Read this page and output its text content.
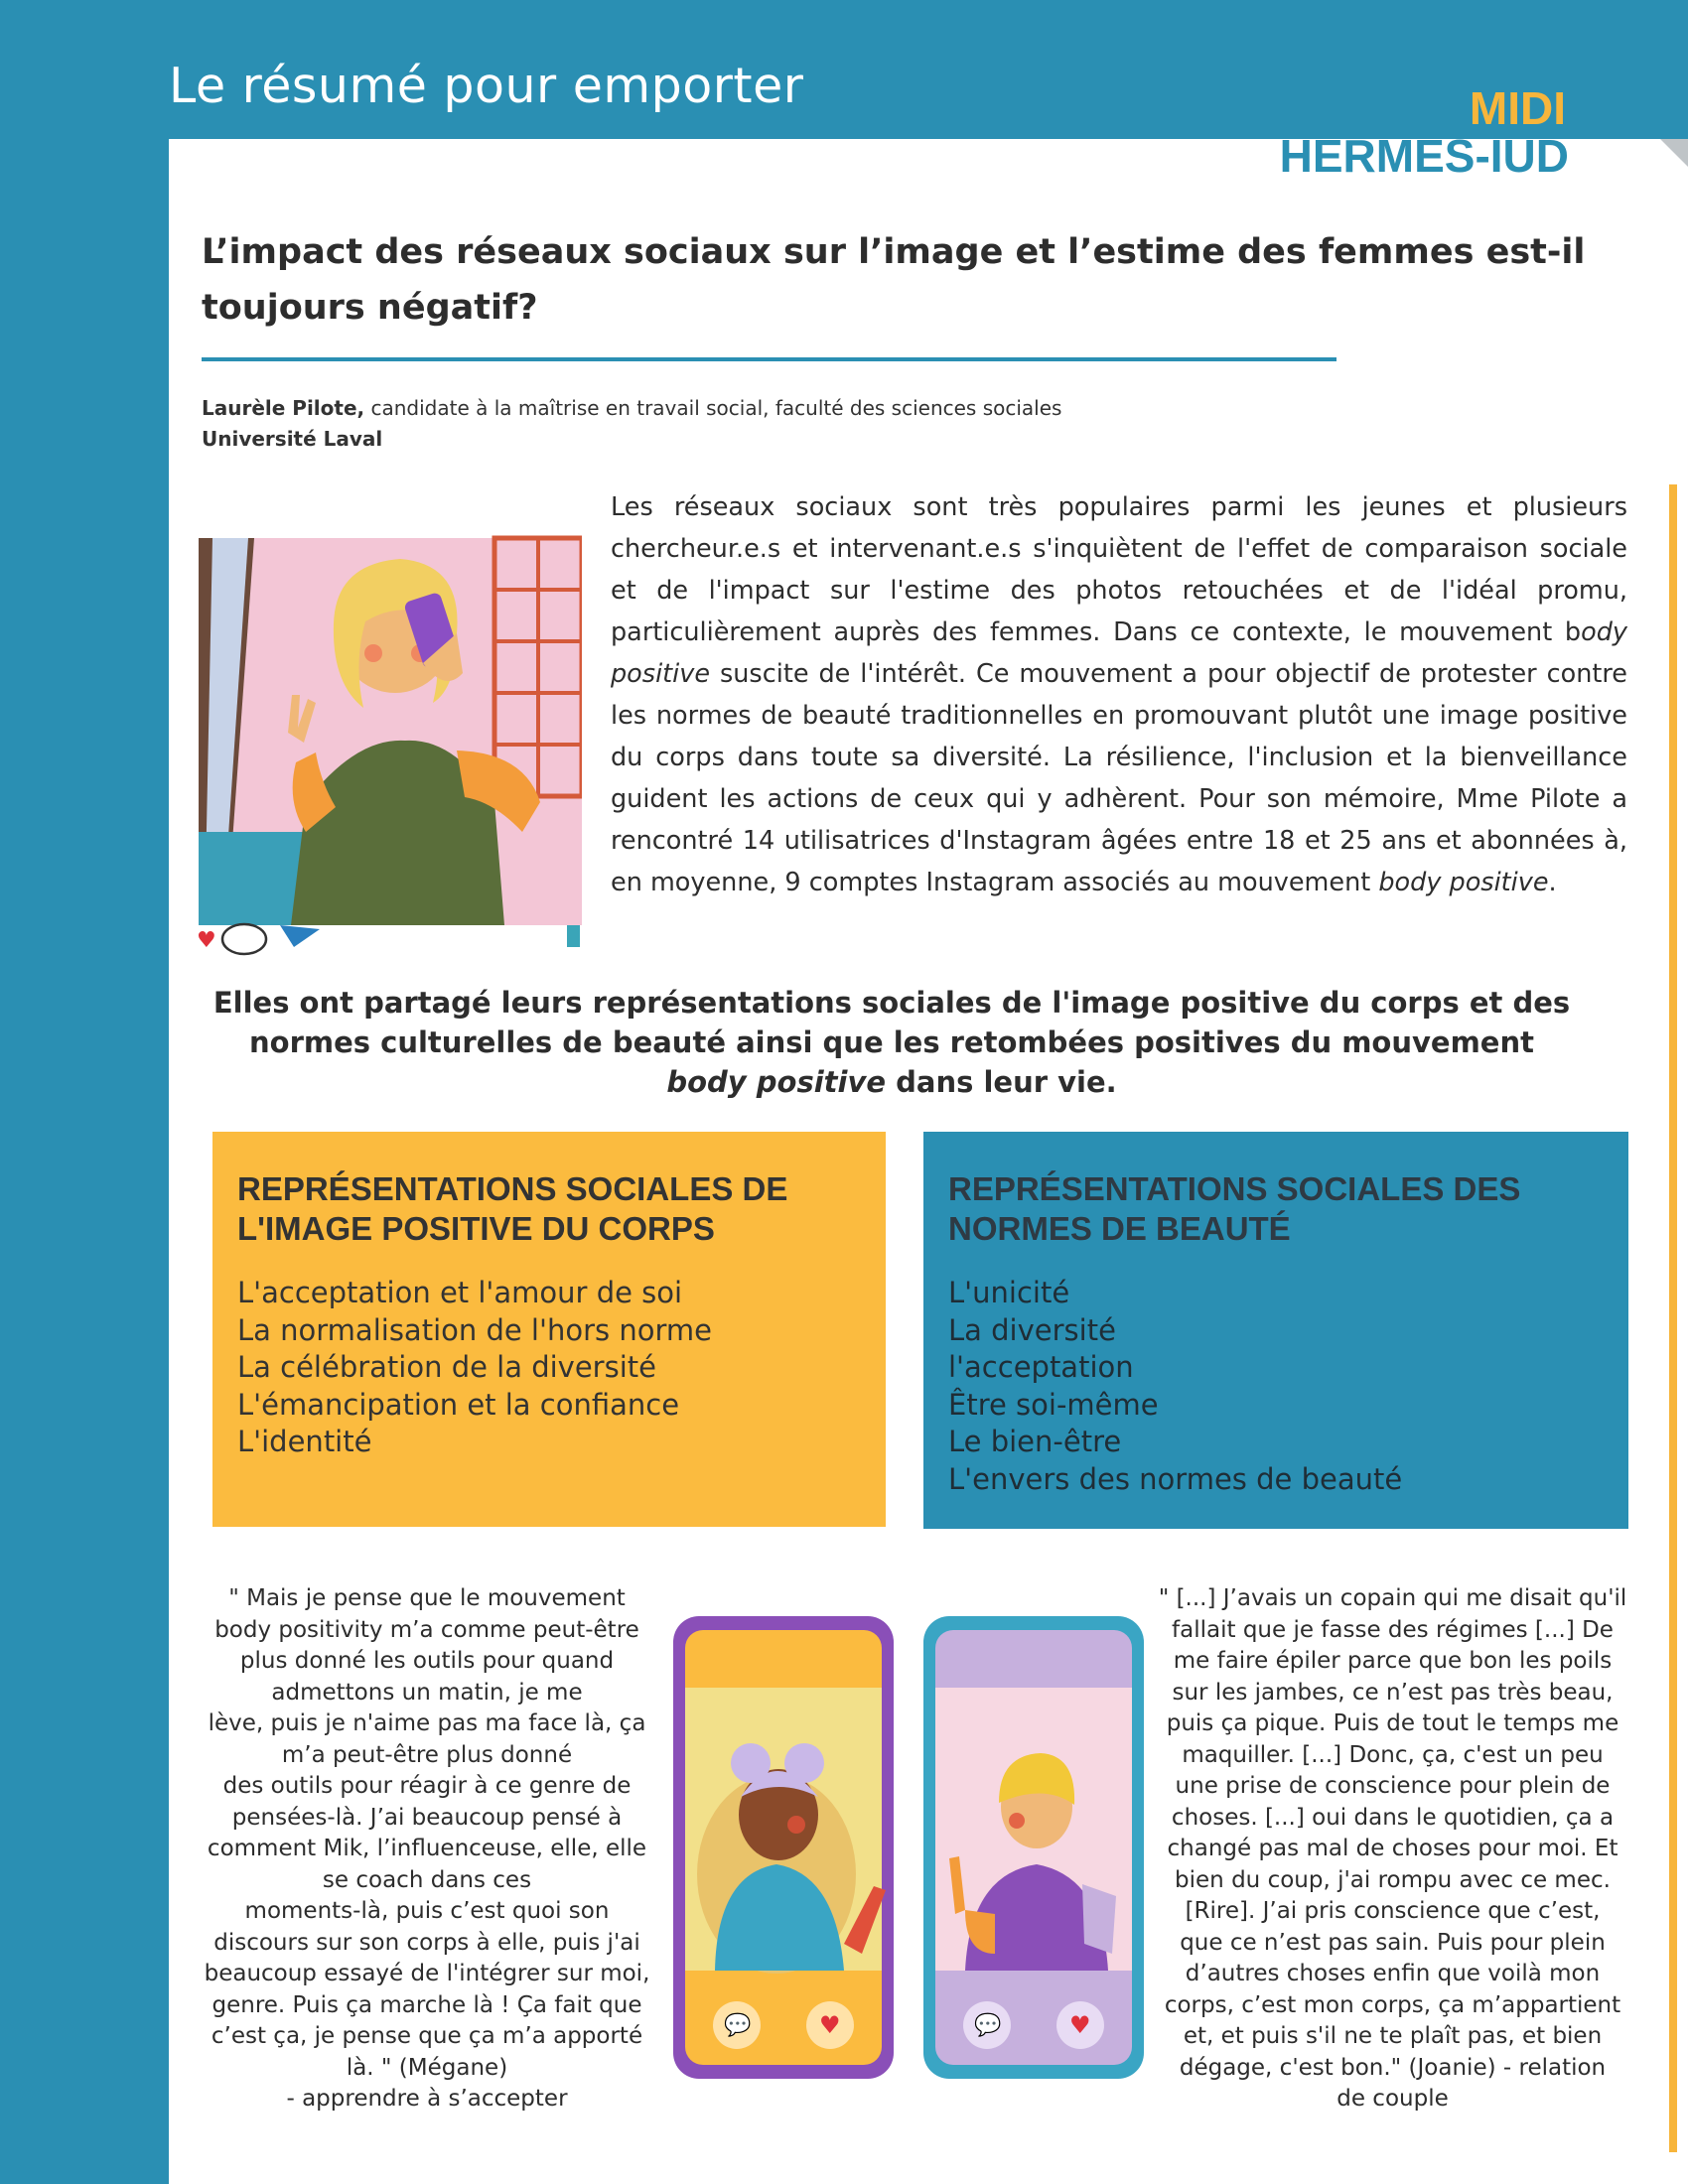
Le résumé pour emporter	MIDI
HERMES-IUD
L’impact des réseaux sociaux sur l’image et l’estime des femmes est-il toujours négatif?
Laurèle Pilote, candidate à la maîtrise en travail social, faculté des sciences sociales
Université Laval
♥
Les réseaux sociaux sont très populaires parmi les jeunes et plusieurs chercheur.e.s et intervenant.e.s s'inquiètent de l'effet de comparaison sociale et de l'impact sur l'estime des photos retouchées et de l'idéal promu, particulièrement auprès des femmes. Dans ce contexte, le mouvement body positive suscite de l'intérêt. Ce mouvement a pour objectif de protester contre les normes de beauté traditionnelles en promouvant plutôt une image positive du corps dans toute sa diversité. La résilience, l'inclusion et la bienveillance guident les actions de ceux qui y adhèrent. Pour son mémoire, Mme Pilote a rencontré 14 utilisatrices d'Instagram âgées entre 18 et 25 ans et abonnées à, en moyenne, 9 comptes Instagram associés au mouvement body positive.
Elles ont partagé leurs représentations sociales de l'image positive du corps et des normes culturelles de beauté ainsi que les retombées positives du mouvement
body positive dans leur vie.
REPRÉSENTATIONS SOCIALES DE L'IMAGE POSITIVE DU CORPS
L'acceptation et l'amour de soi
La normalisation de l'hors norme
La célébration de la diversité
L'émancipation et la confiance
L'identité
REPRÉSENTATIONS SOCIALES DES NORMES DE BEAUTÉ
L'unicité
La diversité
l'acceptation
Être soi-même
Le bien-être
L'envers des normes de beauté
" Mais je pense que le mouvement
body positivity m’a comme peut-être
plus donné les outils pour quand
admettons un matin, je me
lève, puis je n'aime pas ma face là, ça
m’a peut-être plus donné
des outils pour réagir à ce genre de
pensées-là. J’ai beaucoup pensé à
comment Mik, l’influenceuse, elle, elle
se coach dans ces
moments-là, puis c’est quoi son
discours sur son corps à elle, puis j'ai
beaucoup essayé de l'intégrer sur moi,
genre. Puis ça marche là ! Ça fait que
c’est ça, je pense que ça m’a apporté
là. " (Mégane)
- apprendre à s’accepter
💬	♥	💬	♥
" [...] J’avais un copain qui me disait qu'il
fallait que je fasse des régimes [...] De
me faire épiler parce que bon les poils
sur les jambes, ce n’est pas très beau,
puis ça pique. Puis de tout le temps me
maquiller. [...] Donc, ça, c'est un peu
une prise de conscience pour plein de
choses. [...] oui dans le quotidien, ça a
changé pas mal de choses pour moi. Et
bien du coup, j'ai rompu avec ce mec.
[Rire]. J’ai pris conscience que c’est,
que ce n’est pas sain. Puis pour plein
d’autres choses enfin que voilà mon
corps, c’est mon corps, ça m’appartient
et, et puis s'il ne te plaît pas, et bien
dégage, c'est bon." (Joanie) - relation
de couple
